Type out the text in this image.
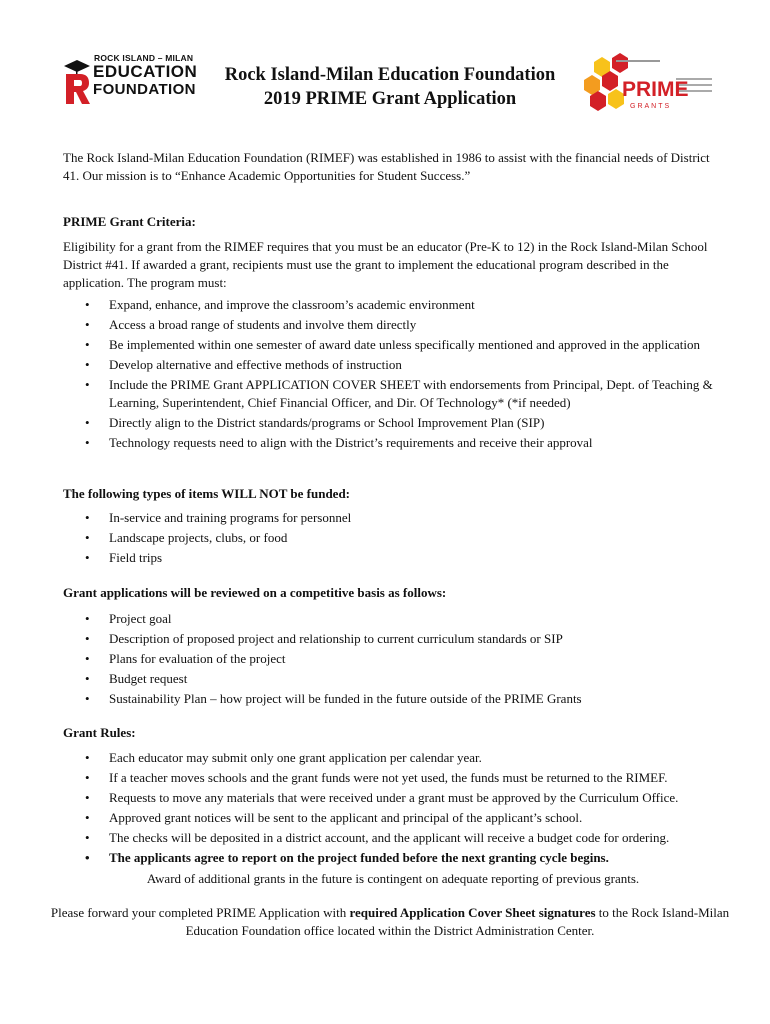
ROCK ISLAND – MILAN
EDUCATION
FOUNDATION
Rock Island-Milan Education Foundation
2019 PRIME Grant Application	PRIME
GRANTS
The Rock Island-Milan Education Foundation (RIMEF) was established in 1986 to assist with the financial needs of District 41. Our mission is to “Enhance Academic Opportunities for Student Success.”
PRIME Grant Criteria:
Eligibility for a grant from the RIMEF requires that you must be an educator (Pre-K to 12) in the Rock Island-Milan School District #41. If awarded a grant, recipients must use the grant to implement the educational program described in the application. The program must:
• Expand, enhance, and improve the classroom’s academic environment
• Access a broad range of students and involve them directly
• Be implemented within one semester of award date unless specifically mentioned and approved in the application
• Develop alternative and effective methods of instruction
• Include the PRIME Grant APPLICATION COVER SHEET with endorsements from Principal, Dept. of Teaching & Learning, Superintendent, Chief Financial Officer, and Dir. Of Technology* (*if needed)
• Directly align to the District standards/programs or School Improvement Plan (SIP)
• Technology requests need to align with the District’s requirements and receive their approval
The following types of items WILL NOT be funded:
• In-service and training programs for personnel
• Landscape projects, clubs, or food
• Field trips
Grant applications will be reviewed on a competitive basis as follows:
• Project goal
• Description of proposed project and relationship to current curriculum standards or SIP
• Plans for evaluation of the project
• Budget request
• Sustainability Plan – how project will be funded in the future outside of the PRIME Grants
Grant Rules:
• Each educator may submit only one grant application per calendar year.
• If a teacher moves schools and the grant funds were not yet used, the funds must be returned to the RIMEF.
• Requests to move any materials that were received under a grant must be approved by the Curriculum Office.
• Approved grant notices will be sent to the applicant and principal of the applicant’s school.
• The checks will be deposited in a district account, and the applicant will receive a budget code for ordering.
• The applicants agree to report on the project funded before the next granting cycle begins.
Award of additional grants in the future is contingent on adequate reporting of previous grants.
Please forward your completed PRIME Application with required Application Cover Sheet signatures to the Rock Island-Milan Education Foundation office located within the District Administration Center.
